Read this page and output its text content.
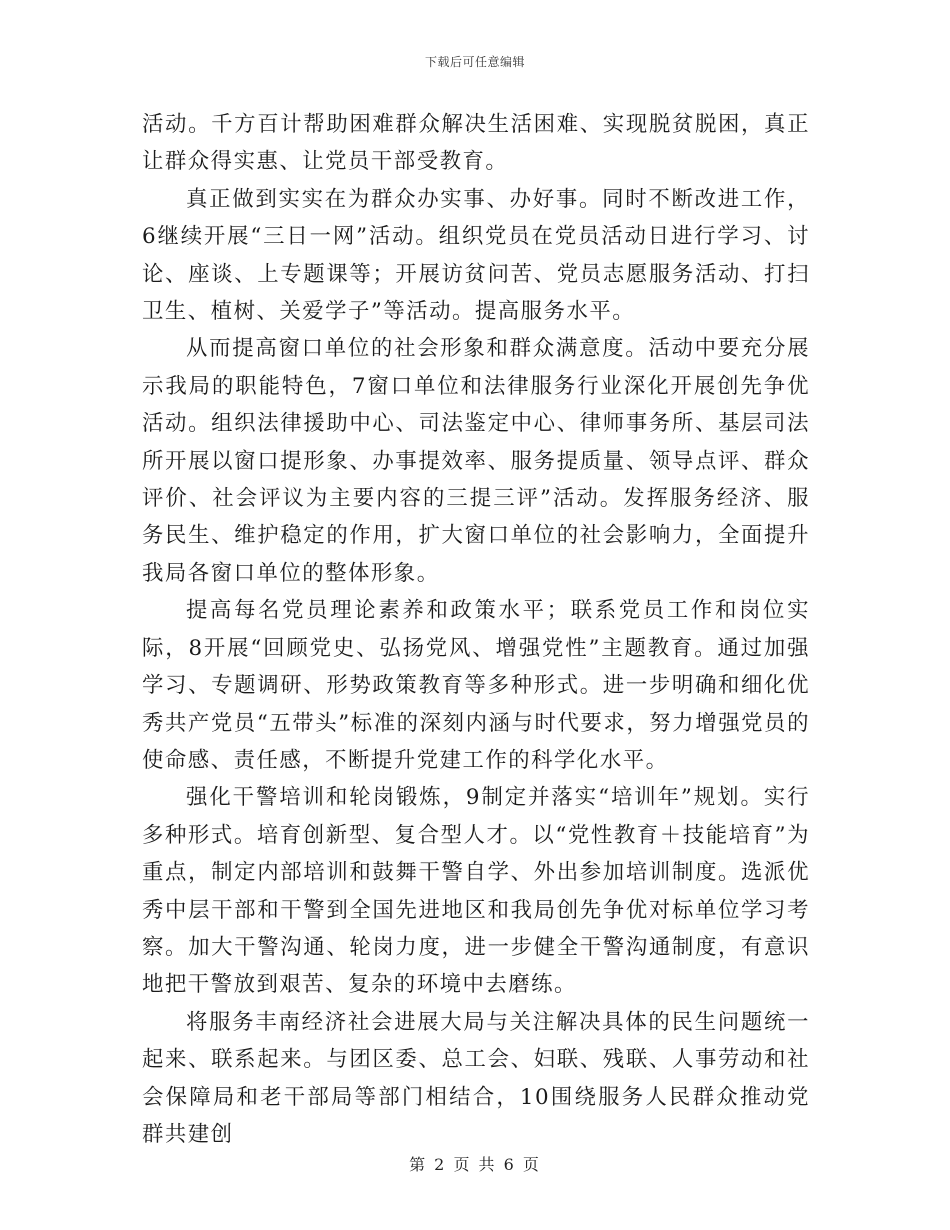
下载后可任意编辑

活动。千方百计帮助困难群众解决生活困难、实现脱贫脱困，真正让群众得实惠、让党员干部受教育。

真正做到实实在为群众办实事、办好事。同时不断改进工作，6继续开展“三日一网”活动。组织党员在党员活动日进行学习、讨论、座谈、上专题课等；开展访贫问苦、党员志愿服务活动、打扫卫生、植树、关爱学子”等活动。提高服务水平。

从而提高窗口单位的社会形象和群众满意度。活动中要充分展示我局的职能特色，7窗口单位和法律服务行业深化开展创先争优活动。组织法律援助中心、司法鉴定中心、律师事务所、基层司法所开展以窗口提形象、办事提效率、服务提质量、领导点评、群众评价、社会评议为主要内容的三提三评”活动。发挥服务经济、服务民生、维护稳定的作用，扩大窗口单位的社会影响力，全面提升我局各窗口单位的整体形象。

提高每名党员理论素养和政策水平；联系党员工作和岗位实际，8开展“回顾党史、弘扬党风、增强党性”主题教育。通过加强学习、专题调研、形势政策教育等多种形式。进一步明确和细化优秀共产党员“五带头”标准的深刻内涵与时代要求，努力增强党员的使命感、责任感，不断提升党建工作的科学化水平。

强化干警培训和轮岗锻炼，9制定并落实“培训年”规划。实行多种形式。培育创新型、复合型人才。以“党性教育＋技能培育”为重点，制定内部培训和鼓舞干警自学、外出参加培训制度。选派优秀中层干部和干警到全国先进地区和我局创先争优对标单位学习考察。加大干警沟通、轮岗力度，进一步健全干警沟通制度，有意识地把干警放到艰苦、复杂的环境中去磨练。

将服务丰南经济社会进展大局与关注解决具体的民生问题统一起来、联系起来。与团区委、总工会、妇联、残联、人事劳动和社会保障局和老干部局等部门相结合，10围绕服务人民群众推动党群共建创

第 2 页 共 6 页
